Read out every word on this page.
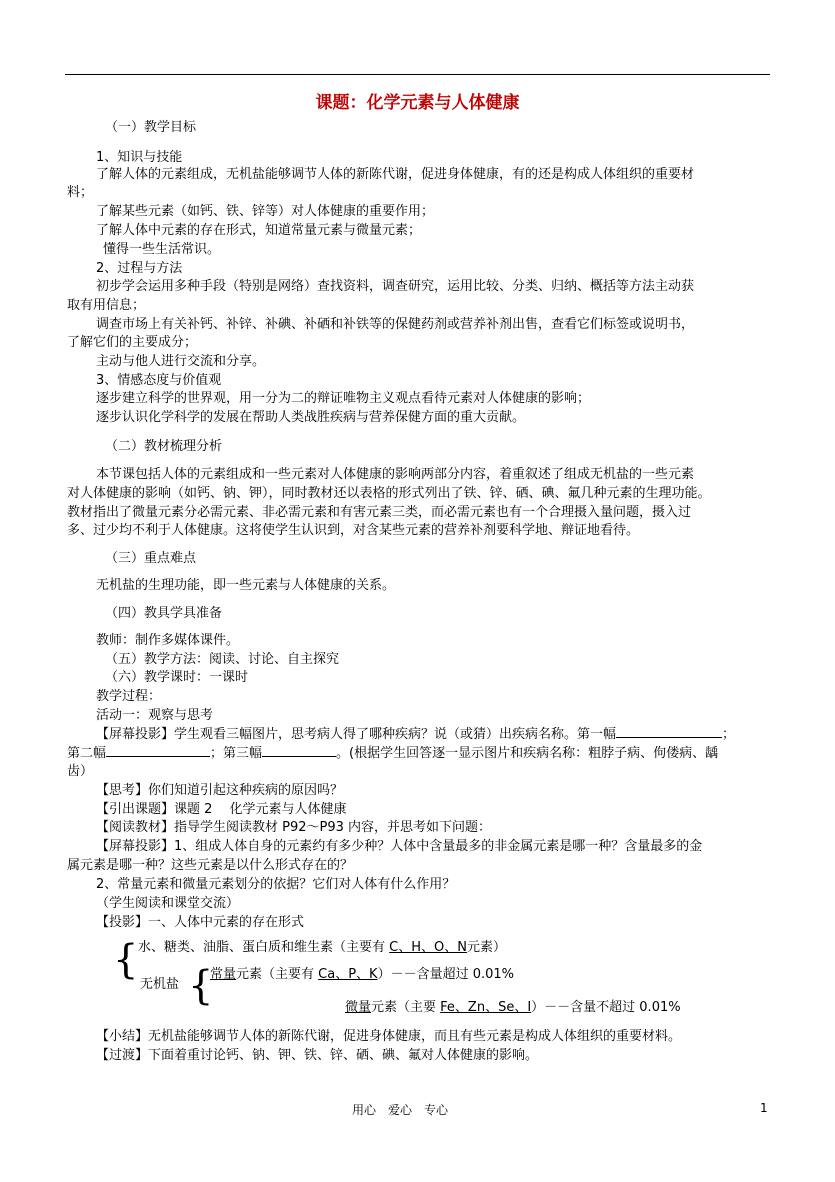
课题：化学元素与人体健康
（一）教学目标
1、知识与技能
了解人体的元素组成，无机盐能够调节人体的新陈代谢，促进身体健康，有的还是构成人体组织的重要材
料；
了解某些元素（如钙、铁、锌等）对人体健康的重要作用；
了解人体中元素的存在形式，知道常量元素与微量元素；
懂得一些生活常识。
2、过程与方法
初步学会运用多种手段（特别是网络）查找资料，调查研究，运用比较、分类、归纳、概括等方法主动获
取有用信息；
调查市场上有关补钙、补锌、补碘、补硒和补铁等的保健药剂或营养补剂出售，查看它们标签或说明书，
了解它们的主要成分；
主动与他人进行交流和分享。
3、情感态度与价值观
逐步建立科学的世界观，用一分为二的辩证唯物主义观点看待元素对人体健康的影响；
逐步认识化学科学的发展在帮助人类战胜疾病与营养保健方面的重大贡献。
（二）教材梳理分析
本节课包括人体的元素组成和一些元素对人体健康的影响两部分内容，着重叙述了组成无机盐的一些元素
对人体健康的影响（如钙、钠、钾），同时教材还以表格的形式列出了铁、锌、硒、碘、氟几种元素的生理功能。
教材指出了微量元素分必需元素、非必需元素和有害元素三类，而必需元素也有一个合理摄入量问题，摄入过
多、过少均不利于人体健康。这将使学生认识到，对含某些元素的营养补剂要科学地、辩证地看待。
（三）重点难点
无机盐的生理功能，即一些元素与人体健康的关系。
（四）教具学具准备
教师：制作多媒体课件。
（五）教学方法：阅读、讨论、自主探究
（六）教学课时：一课时
教学过程：
活动一：观察与思考
【屏幕投影】学生观看三幅图片，思考病人得了哪种疾病？说（或猜）出疾病名称。第一幅	；
第二幅	；第三幅	。(根据学生回答逐一显示图片和疾病名称：粗脖子病、佝偻病、龋
齿）
【思考】你们知道引起这种疾病的原因吗？
【引出课题】课题 2　 化学元素与人体健康
【阅读教材】指导学生阅读教材 P92～P93 内容，并思考如下问题：
【屏幕投影】1、组成人体自身的元素约有多少种？人体中含量最多的非金属元素是哪一种？含量最多的金
属元素是哪一种？这些元素是以什么形式存在的？
2、常量元素和微量元素划分的依据？它们对人体有什么作用？
（学生阅读和课堂交流）
【投影】一、人体中元素的存在形式
{ 水、糖类、油脂、蛋白质和维生素（主要有 C、H、O、N元素）
无机盐 {
常量元素（主要有 Ca、P、K）－－含量超过 0.01%
微量元素（主要 Fe、Zn、Se、I）－－含量不超过 0.01%
【小结】无机盐能够调节人体的新陈代谢，促进身体健康，而且有些元素是构成人体组织的重要材料。
【过渡】下面着重讨论钙、钠、钾、铁、锌、硒、碘、氟对人体健康的影响。
用心　爱心　专心	1
